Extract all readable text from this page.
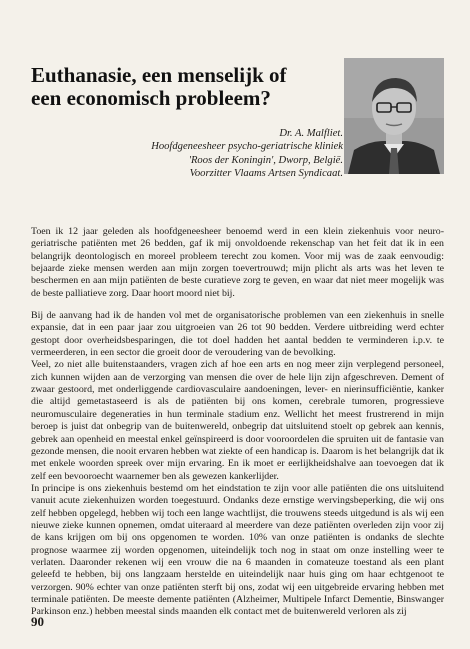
Euthanasie, een menselijk of een economisch probleem?
Dr. A. Malfliet.
Hoofdgeneesheer psycho-geriatrische kliniek
'Roos der Koningin', Dworp, België.
Voorzitter Vlaams Artsen Syndicaat.

Toen ik 12 jaar geleden als hoofdgeneesheer benoemd werd in een klein ziekenhuis voor neuro-geriatrische patiënten met 26 bedden, gaf ik mij onvoldoende rekenschap van het feit dat ik in een belangrijk deontologisch en moreel probleem terecht zou komen. Voor mij was de zaak eenvoudig: bejaarde zieke mensen werden aan mijn zorgen toevertrouwd; mijn plicht als arts was het leven te beschermen en aan mijn patiënten de beste curatieve zorg te geven, en waar dat niet meer mogelijk was de beste palliatieve zorg. Daar hoort moord niet bij.

Bij de aanvang had ik de handen vol met de organisatorische problemen van een ziekenhuis in snelle expansie, dat in een paar jaar zou uitgroeien van 26 tot 90 bedden. Verdere uitbreiding werd echter gestopt door overheidsbesparingen, die tot doel hadden het aantal bedden te verminderen i.p.v. te vermeerderen, in een sector die groeit door de veroudering van de bevolking.

Veel, zo niet alle buitenstaanders, vragen zich af hoe een arts en nog meer zijn verplegend personeel, zich kunnen wijden aan de verzorging van mensen die over de hele lijn zijn afgeschreven. Dement of zwaar gestoord, met onderliggende cardiovasculaire aandoeningen, lever- en nierinsufficiëntie, kanker die altijd gemetastaseerd is als de patiënten bij ons komen, cerebrale tumoren, progressieve neuromusculaire degeneraties in hun terminale stadium enz. Wellicht het meest frustrerend in mijn beroep is juist dat onbegrip van de buitenwereld, onbegrip dat uitsluitend stoelt op gebrek aan kennis, gebrek aan openheid en meestal enkel geïnspireerd is door vooroordelen die spruiten uit de fantasie van gezonde mensen, die nooit ervaren hebben wat ziekte of een handicap is. Daarom is het belangrijk dat ik met enkele woorden spreek over mijn ervaring. En ik moet er eerlijkheidshalve aan toevoegen dat ik zelf een bevooroecht waarnemer ben als gewezen kankerlijder.

In principe is ons ziekenhuis bestemd om het eindstation te zijn voor alle patiënten die ons uitsluitend vanuit acute ziekenhuizen worden toegestuurd. Ondanks deze ernstige wervingsbeperking, die wij ons zelf hebben opgelegd, hebben wij toch een lange wachtlijst, die trouwens steeds uitgedund is als wij een nieuwe zieke kunnen opnemen, omdat uiteraard al meerdere van deze patiënten overleden zijn voor zij de kans krijgen om bij ons opgenomen te worden. 10% van onze patiënten is ondanks de slechte prognose waarmee zij worden opgenomen, uiteindelijk toch nog in staat om onze instelling weer te verlaten. Daaronder rekenen wij een vrouw die na 6 maanden in comateuze toestand als een plant geleefd te hebben, bij ons langzaam herstelde en uiteindelijk naar huis ging om haar echtgenoot te verzorgen. 90% echter van onze patiënten sterft bij ons, zodat wij een uitgebreide ervaring hebben met terminale patiënten. De meeste demente patiënten (Alzheimer, Multipele Infarct Dementie, Binswanger Parkinson enz.) hebben meestal sinds maanden elk contact met de buitenwereld verloren als zij

90
